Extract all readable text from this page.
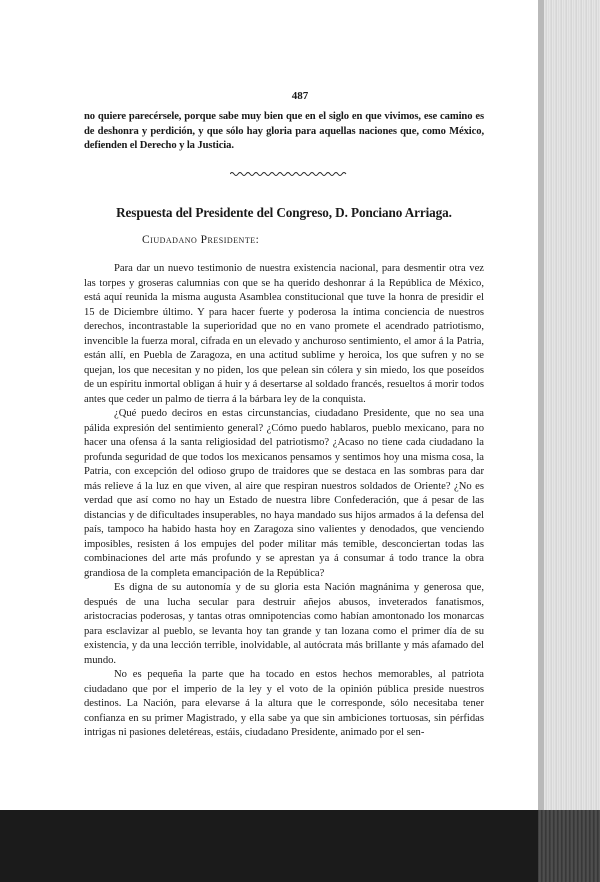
487

no quiere parecérsele, porque sabe muy bien que en el siglo en que vivimos, ese camino es de deshonra y perdición, y que sólo hay gloria para aquellas naciones que, como México, defienden el Derecho y la Justicia.

Respuesta del Presidente del Congreso, D. Ponciano Arriaga.
Ciudadano Presidente:

Para dar un nuevo testimonio de nuestra existencia nacional, para desmentir otra vez las torpes y groseras calumnias con que se ha querido deshonrar á la República de México, está aquí reunida la misma augusta Asamblea constitucional que tuve la honra de presidir el 15 de Diciembre último. Y para hacer fuerte y poderosa la íntima conciencia de nuestros derechos, incontrastable la superioridad que no en vano promete el acendrado patriotismo, invencible la fuerza moral, cifrada en un elevado y anchuroso sentimiento, el amor á la Patria, están allí, en Puebla de Zaragoza, en una actitud sublime y heroica, los que sufren y no se quejan, los que necesitan y no piden, los que pelean sin cólera y sin miedo, los que poseídos de un espíritu inmortal obligan á huir y á desertarse al soldado francés, resueltos á morir todos antes que ceder un palmo de tierra á la bárbara ley de la conquista.

¿Qué puedo deciros en estas circunstancias, ciudadano Presidente, que no sea una pálida expresión del sentimiento general? ¿Cómo puedo hablaros, pueblo mexicano, para no hacer una ofensa á la santa religiosidad del patriotismo? ¿Acaso no tiene cada ciudadano la profunda seguridad de que todos los mexicanos pensamos y sentimos hoy una misma cosa, la Patria, con excepción del odioso grupo de traidores que se destaca en las sombras para dar más relieve á la luz en que viven, al aire que respiran nuestros soldados de Oriente? ¿No es verdad que así como no hay un Estado de nuestra libre Confederación, que á pesar de las distancias y de dificultades insuperables, no haya mandado sus hijos armados á la defensa del país, tampoco ha habido hasta hoy en Zaragoza sino valientes y denodados, que venciendo imposibles, resisten á los empujes del poder militar más temible, desconciertan todas las combinaciones del arte más profundo y se aprestan ya á consumar á todo trance la obra grandiosa de la completa emancipación de la República?

Es digna de su autonomía y de su gloria esta Nación magnánima y generosa que, después de una lucha secular para destruir añejos abusos, inveterados fanatismos, aristocracias poderosas, y tantas otras omnipotencias como habían amontonado los monarcas para esclavizar al pueblo, se levanta hoy tan grande y tan lozana como el primer día de su existencia, y da una lección terrible, inolvidable, al autócrata más brillante y más afamado del mundo.

No es pequeña la parte que ha tocado en estos hechos memorables, al patriota ciudadano que por el imperio de la ley y el voto de la opinión pública preside nuestros destinos. La Nación, para elevarse á la altura que le corresponde, sólo necesitaba tener confianza en su primer Magistrado, y ella sabe ya que sin ambiciones tortuosas, sin pérfidas intrigas ni pasiones deletéreas, estáis, ciudadano Presidente, animado por el sen-
